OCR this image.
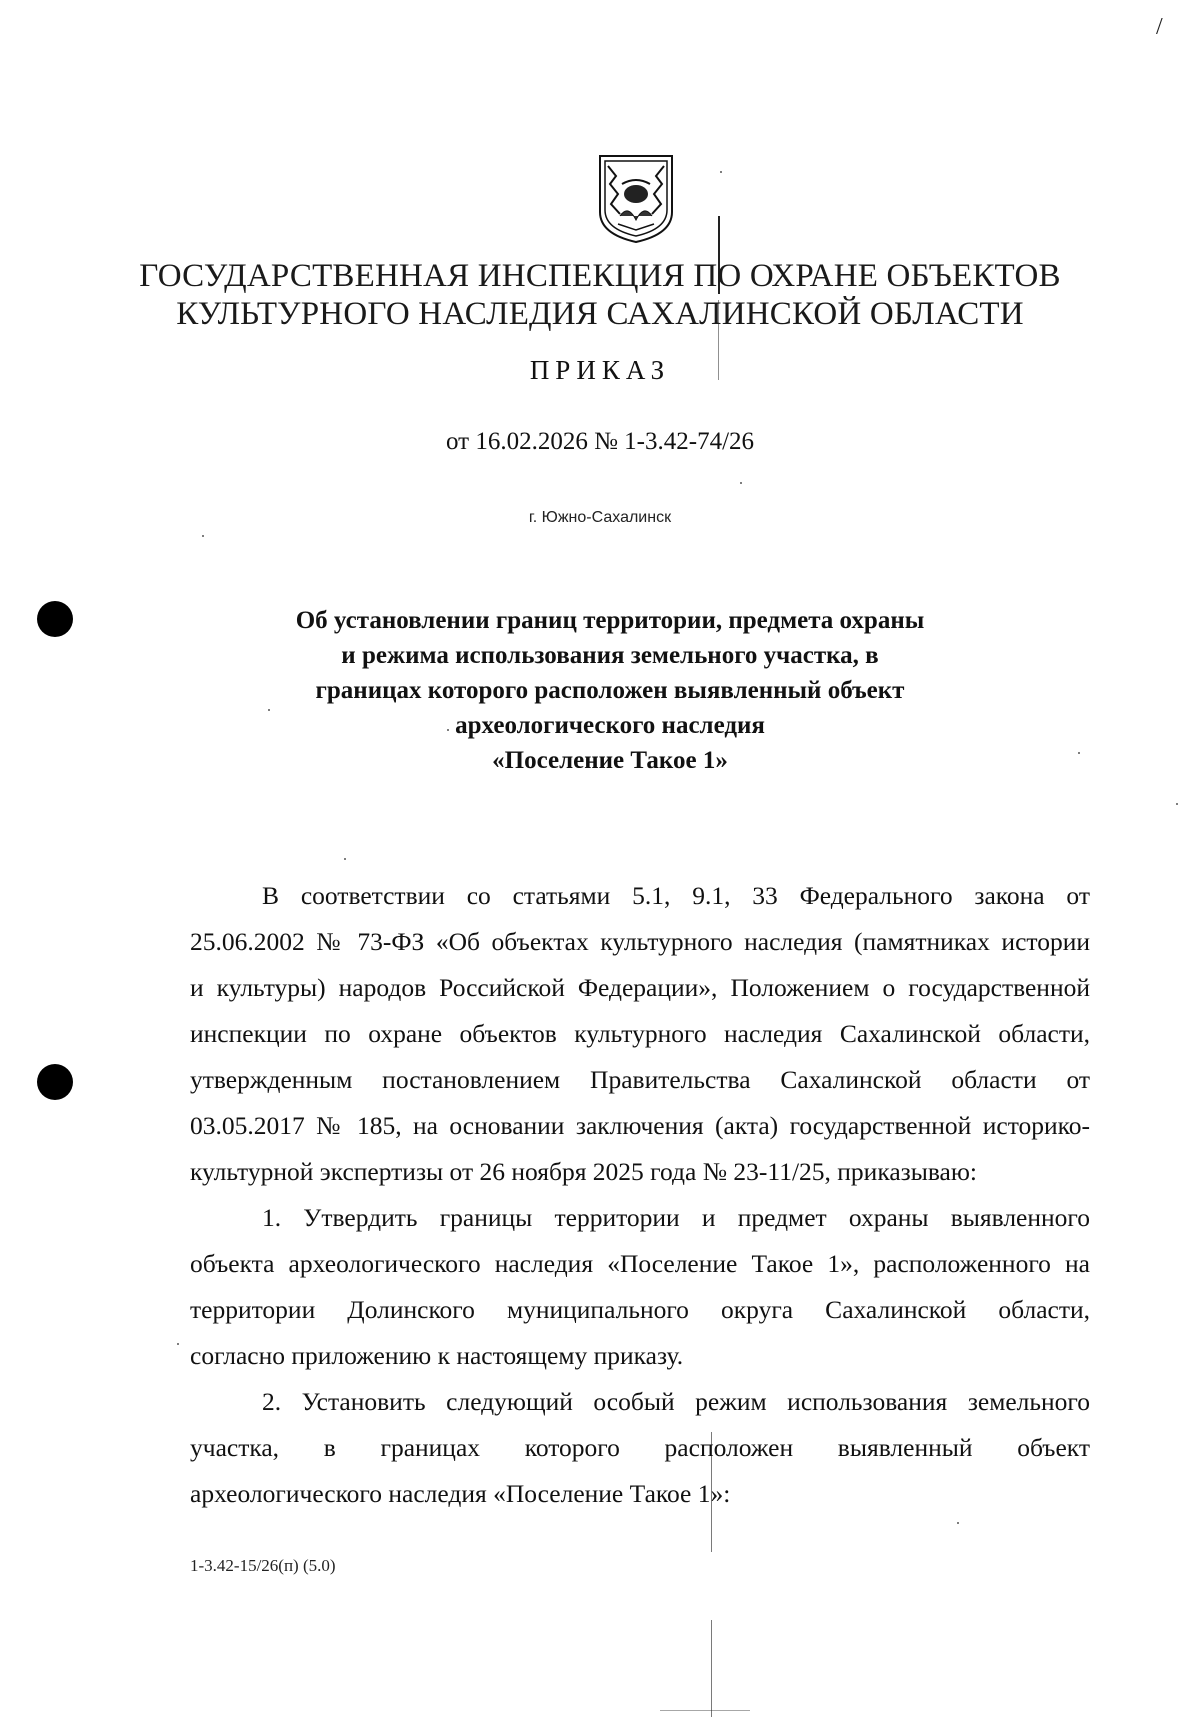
/
ГОСУДАРСТВЕННАЯ ИНСПЕКЦИЯ ПО ОХРАНЕ ОБЪЕКТОВ
КУЛЬТУРНОГО НАСЛЕДИЯ САХАЛИНСКОЙ ОБЛАСТИ
ПРИКАЗ
от 16.02.2026 № 1-3.42-74/26
г. Южно-Сахалинск
Об установлении границ территории, предмета охраны
и режима использования земельного участка, в
границах которого расположен выявленный объект
археологического наследия
«Поселение Такое 1»
В соответствии со статьями 5.1, 9.1, 33 Федерального закона от
25.06.2002 № 73-ФЗ «Об объектах культурного наследия (памятниках истории
и культуры) народов Российской Федерации», Положением о государственной
инспекции по охране объектов культурного наследия Сахалинской области,
утвержденным постановлением Правительства Сахалинской области от
03.05.2017 № 185, на основании заключения (акта) государственной историко-
культурной экспертизы от 26 ноября 2025 года № 23-11/25, приказываю:
1. Утвердить границы территории и предмет охраны выявленного
объекта археологического наследия «Поселение Такое 1», расположенного на
территории Долинского муниципального округа Сахалинской области,
согласно приложению к настоящему приказу.
2. Установить следующий особый режим использования земельного
участка, в границах которого расположен выявленный объект
археологического наследия «Поселение Такое 1»:
1-3.42-15/26(п) (5.0)
